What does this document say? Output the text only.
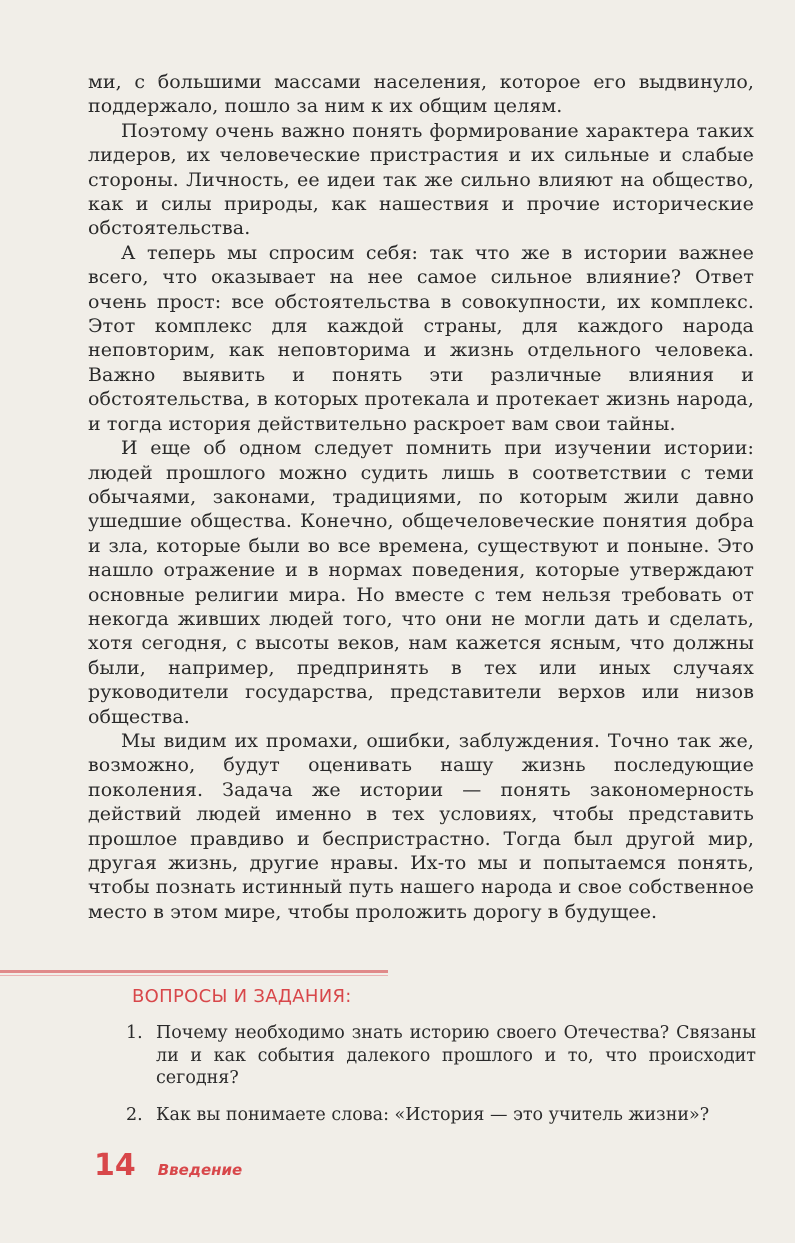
ми, с большими массами населения, которое его выдвинуло, поддержало, пошло за ним к их общим целям.

Поэтому очень важно понять формирование характера таких лидеров, их человеческие пристрастия и их сильные и слабые стороны. Личность, ее идеи так же сильно влияют на общество, как и силы природы, как нашествия и прочие исторические обстоятельства.

А теперь мы спросим себя: так что же в истории важнее всего, что оказывает на нее самое сильное влияние? Ответ очень прост: все обстоятельства в совокупности, их комплекс. Этот комплекс для каждой страны, для каждого народа неповторим, как неповторима и жизнь отдельного человека. Важно выявить и понять эти различные влияния и обстоятельства, в которых протекала и протекает жизнь народа, и тогда история действительно раскроет вам свои тайны.

И еще об одном следует помнить при изучении истории: людей прошлого можно судить лишь в соответствии с теми обычаями, законами, традициями, по которым жили давно ушедшие общества. Конечно, общечеловеческие понятия добра и зла, которые были во все времена, существуют и поныне. Это нашло отражение и в нормах поведения, которые утверждают основные религии мира. Но вместе с тем нельзя требовать от некогда живших людей того, что они не могли дать и сделать, хотя сегодня, с высоты веков, нам кажется ясным, что должны были, например, предпринять в тех или иных случаях руководители государства, представители верхов или низов общества.

Мы видим их промахи, ошибки, заблуждения. Точно так же, возможно, будут оценивать нашу жизнь последующие поколения. Задача же истории — понять закономерность действий людей именно в тех условиях, чтобы представить прошлое правдиво и беспристрастно. Тогда был другой мир, другая жизнь, другие нравы. Их-то мы и попытаемся понять, чтобы познать истинный путь нашего народа и свое собственное место в этом мире, чтобы проложить дорогу в будущее.

ВОПРОСЫ И ЗАДАНИЯ:
1. Почему необходимо знать историю своего Отечества? Связаны ли и как события далекого прошлого и то, что происходит сегодня?
2. Как вы понимаете слова: «История — это учитель жизни»?
14 Введение
